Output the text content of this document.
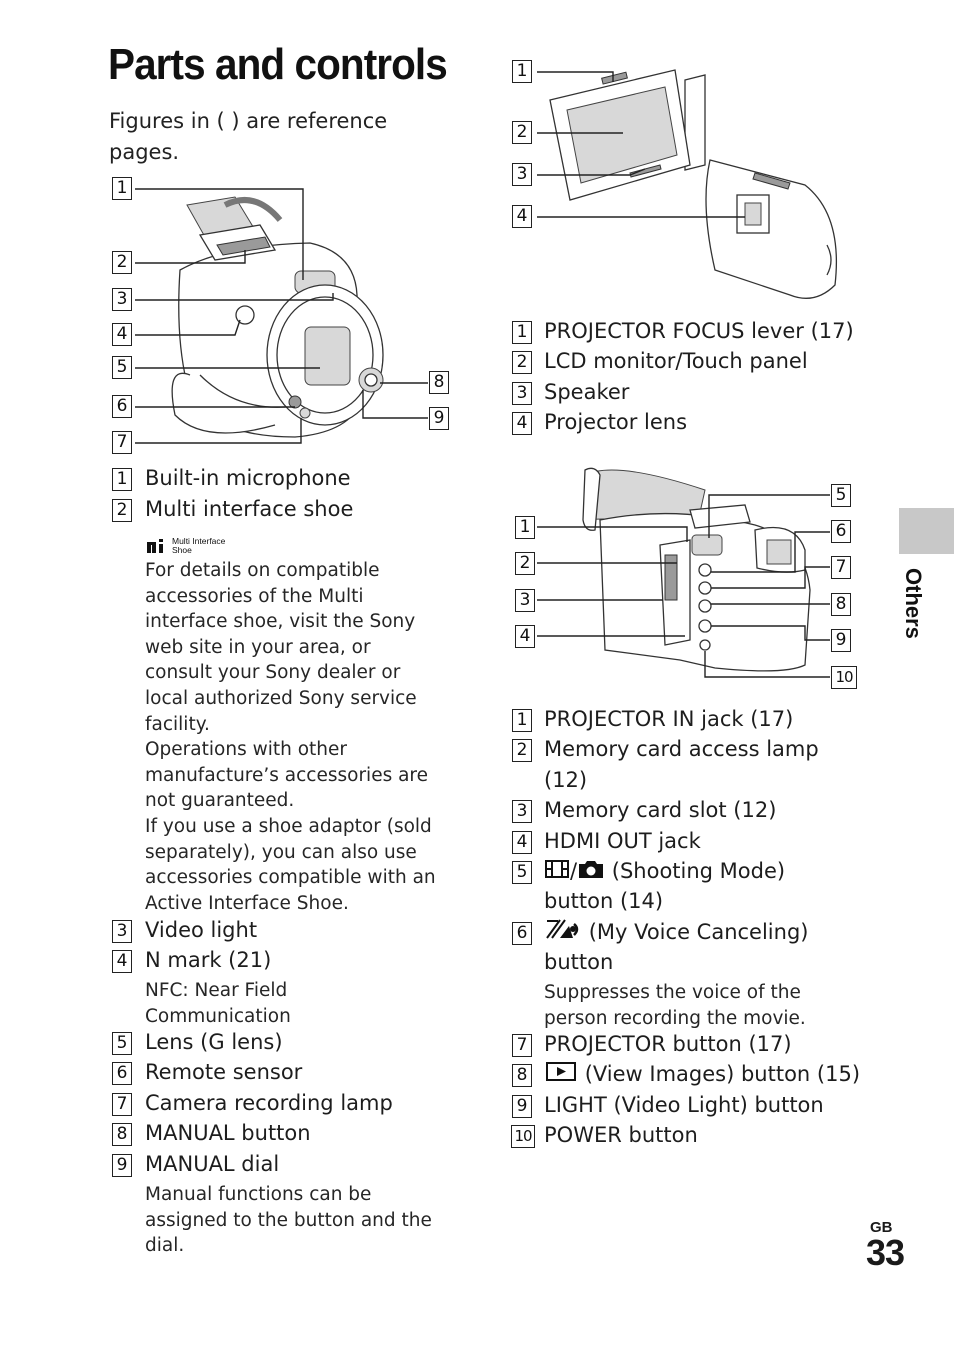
Parts and controls
Figures in ( ) are reference pages.
1
2
3
4
5
6
7
8
9
1 Built-in microphone
2 Multi interface shoe
Multi Interface Shoe
For details on compatible
accessories of the Multi
interface shoe, visit the Sony
web site in your area, or
consult your Sony dealer or
local authorized Sony service
facility.
Operations with other
manufacture’s accessories are
not guaranteed.
If you use a shoe adaptor (sold
separately), you can also use
accessories compatible with an
Active Interface Shoe.
3 Video light
4 N mark (21)
NFC: Near Field
Communication
5 Lens (G lens)
6 Remote sensor
7 Camera recording lamp
8 MANUAL button
9 MANUAL dial
Manual functions can be
assigned to the button and the
dial.
1
2
3
4
1 PROJECTOR FOCUS lever (17)
2 LCD monitor/Touch panel
3 Speaker
4 Projector lens
1
2
3
4
5
6
7
8
9
10
1 PROJECTOR IN jack (17)
2 Memory card access lamp
(12)
3 Memory card slot (12)
4 HDMI OUT jack
5	/ (Shooting Mode)
button (14)
6	(My Voice Canceling)
button
Suppresses the voice of the
person recording the movie.
7 PROJECTOR button (17)
8	(View Images) button (15)
9 LIGHT (Video Light) button
10 POWER button
Others
GB
33
